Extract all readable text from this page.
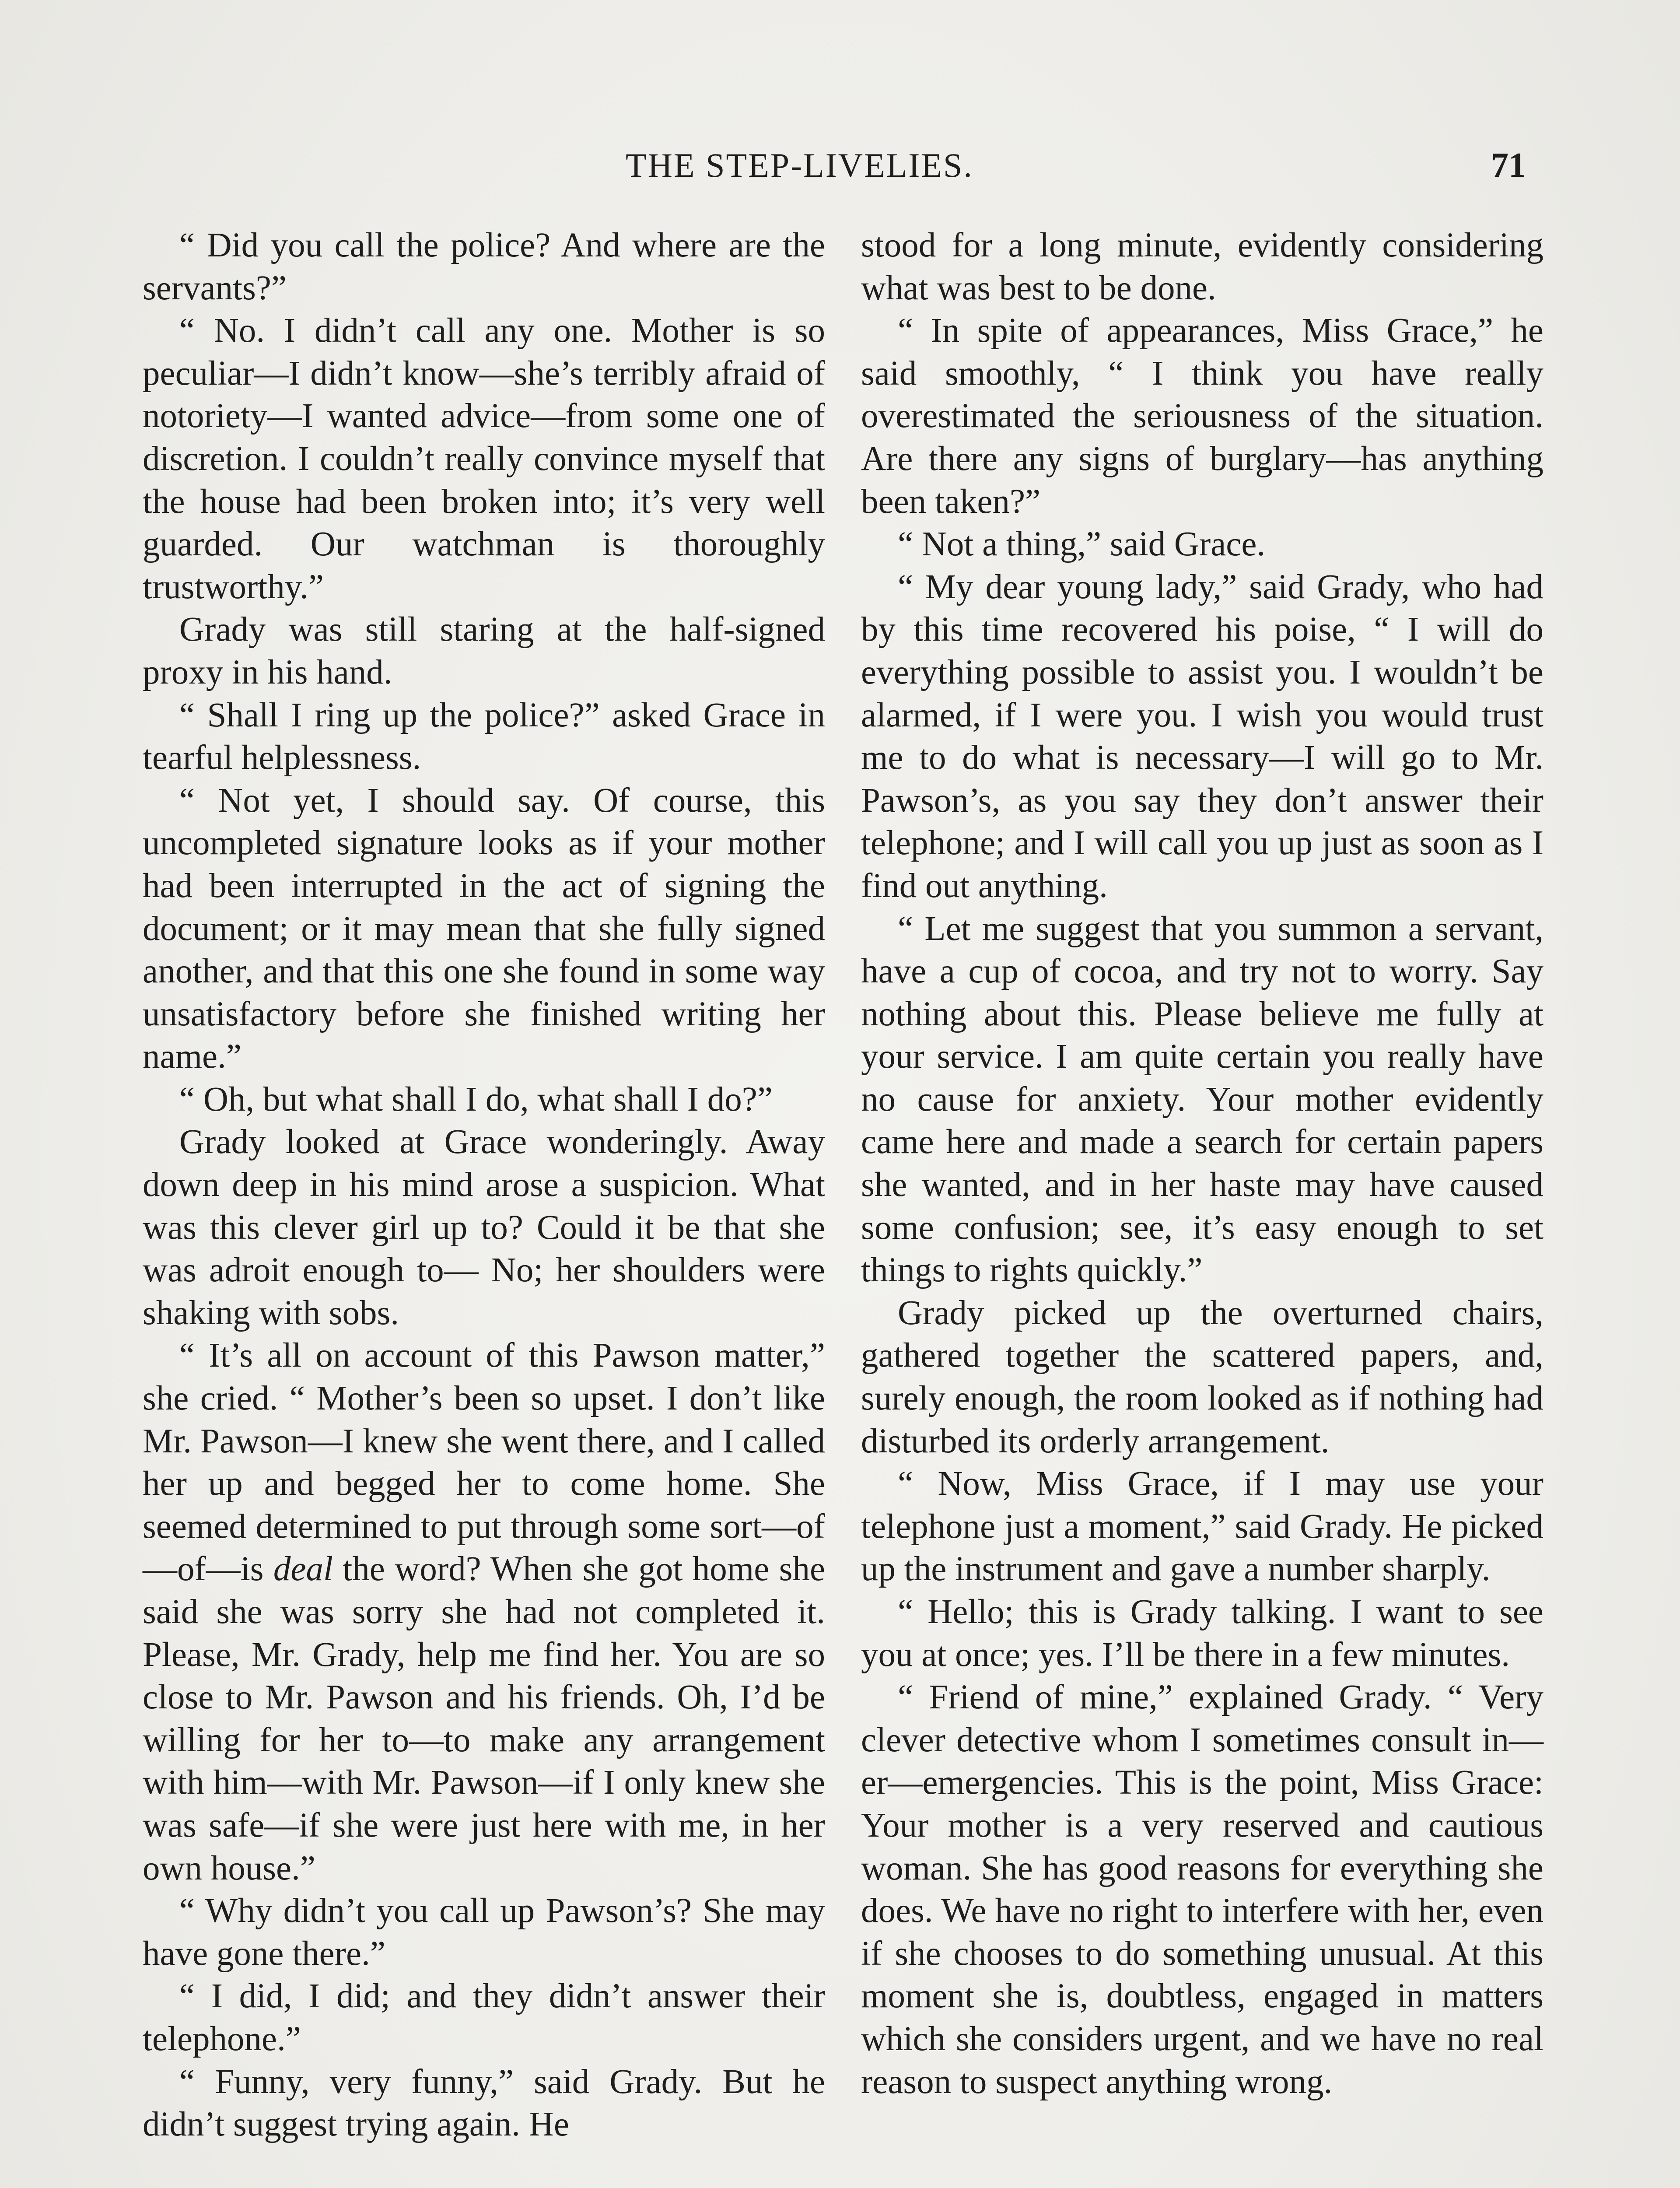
THE STEP-LIVELIES.	71

“ Did you call the police? And where are the servants?”

“ No. I didn’t call any one. Mother is so peculiar—I didn’t know—she’s terribly afraid of notoriety—I wanted advice—from some one of discretion. I couldn’t really convince myself that the house had been broken into; it’s very well guarded. Our watchman is thoroughly trustworthy.”

Grady was still staring at the half-signed proxy in his hand.

“ Shall I ring up the police?” asked Grace in tearful helplessness.

“ Not yet, I should say. Of course, this uncompleted signature looks as if your mother had been interrupted in the act of signing the document; or it may mean that she fully signed another, and that this one she found in some way unsatisfactory before she finished writing her name.”

“ Oh, but what shall I do, what shall I do?”

Grady looked at Grace wonderingly. Away down deep in his mind arose a suspicion. What was this clever girl up to? Could it be that she was adroit enough to— No; her shoulders were shaking with sobs.

“ It’s all on account of this Pawson matter,” she cried. “ Mother’s been so upset. I don’t like Mr. Pawson—I knew she went there, and I called her up and begged her to come home. She seemed determined to put through some sort—of —of—is deal the word? When she got home she said she was sorry she had not completed it. Please, Mr. Grady, help me find her. You are so close to Mr. Pawson and his friends. Oh, I’d be willing for her to—to make any arrangement with him—with Mr. Pawson—if I only knew she was safe—if she were just here with me, in her own house.”

“ Why didn’t you call up Pawson’s? She may have gone there.”

“ I did, I did; and they didn’t answer their telephone.”

“ Funny, very funny,” said Grady. But he didn’t suggest trying again. He

stood for a long minute, evidently considering what was best to be done.

“ In spite of appearances, Miss Grace,” he said smoothly, “ I think you have really overestimated the seriousness of the situation. Are there any signs of burglary—has anything been taken?”

“ Not a thing,” said Grace.

“ My dear young lady,” said Grady, who had by this time recovered his poise, “ I will do everything possible to assist you. I wouldn’t be alarmed, if I were you. I wish you would trust me to do what is necessary—I will go to Mr. Pawson’s, as you say they don’t answer their telephone; and I will call you up just as soon as I find out anything.

“ Let me suggest that you summon a servant, have a cup of cocoa, and try not to worry. Say nothing about this. Please believe me fully at your service. I am quite certain you really have no cause for anxiety. Your mother evidently came here and made a search for certain papers she wanted, and in her haste may have caused some confusion; see, it’s easy enough to set things to rights quickly.”

Grady picked up the overturned chairs, gathered together the scattered papers, and, surely enough, the room looked as if nothing had disturbed its orderly arrangement.

“ Now, Miss Grace, if I may use your telephone just a moment,” said Grady. He picked up the instrument and gave a number sharply.

“ Hello; this is Grady talking. I want to see you at once; yes. I’ll be there in a few minutes.

“ Friend of mine,” explained Grady. “ Very clever detective whom I sometimes consult in—er—emergencies. This is the point, Miss Grace: Your mother is a very reserved and cautious woman. She has good reasons for everything she does. We have no right to interfere with her, even if she chooses to do something unusual. At this moment she is, doubtless, engaged in matters which she considers urgent, and we have no real reason to suspect anything wrong.
